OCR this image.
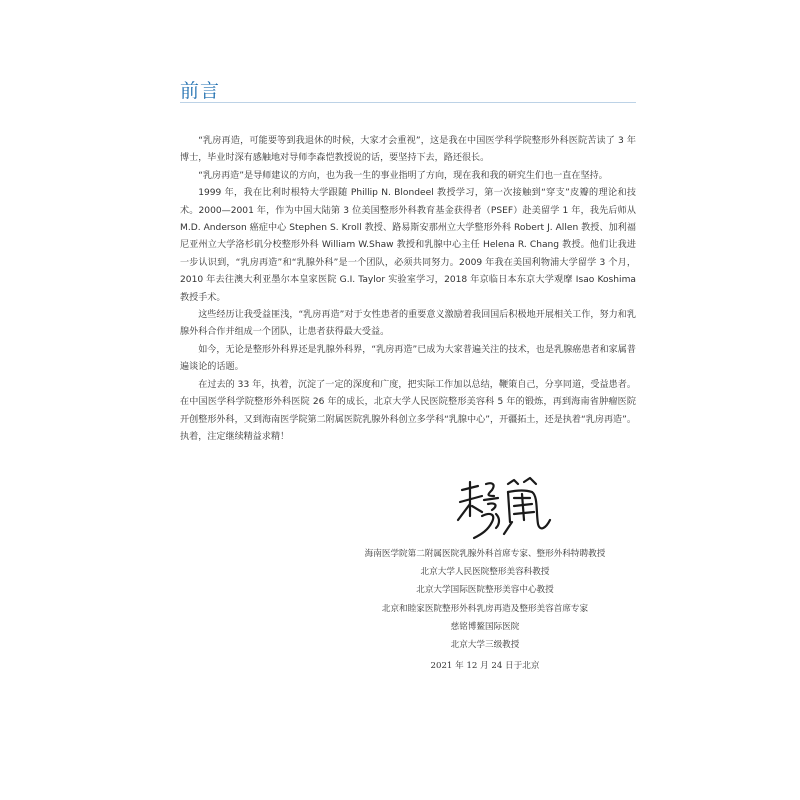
前言

“乳房再造，可能要等到我退休的时候，大家才会重视”，这是我在中国医学科学院整形外科医院苦读了 3 年博士，毕业时深有感触地对导师李森恺教授说的话，要坚持下去，路还很长。

“乳房再造”是导师建议的方向，也为我一生的事业指明了方向，现在我和我的研究生们也一直在坚持。

1999 年，我在比利时根特大学跟随 Phillip N. Blondeel 教授学习，第一次接触到“穿支”皮瓣的理论和技术。2000—2001 年，作为中国大陆第 3 位美国整形外科教育基金获得者（PSEF）赴美留学 1 年，我先后师从 M.D. Anderson 癌症中心 Stephen S. Kroll 教授、路易斯安那州立大学整形外科 Robert J. Allen 教授、加利福尼亚州立大学洛杉矶分校整形外科 William W.Shaw 教授和乳腺中心主任 Helena R. Chang 教授。他们让我进一步认识到，“乳房再造”和“乳腺外科”是一个团队，必须共同努力。2009 年我在美国利物浦大学留学 3 个月，2010 年去往澳大利亚墨尔本皇家医院 G.I. Taylor 实验室学习，2018 年京临日本东京大学观摩 Isao Koshima 教授手术。

这些经历让我受益匪浅，“乳房再造”对于女性患者的重要意义激励着我回国后积极地开展相关工作，努力和乳腺外科合作并组成一个团队，让患者获得最大受益。

如今，无论是整形外科界还是乳腺外科界，“乳房再造”已成为大家普遍关注的技术，也是乳腺癌患者和家属普遍谈论的话题。

在过去的 33 年，执着，沉淀了一定的深度和广度，把实际工作加以总结，鞭策自己，分享同道，受益患者。在中国医学科学院整形外科医院 26 年的成长，北京大学人民医院整形美容科 5 年的锻炼，再到海南省肿瘤医院开创整形外科，又到海南医学院第二附属医院乳腺外科创立多学科“乳腺中心”，开疆拓土，还是执着“乳房再造”。执着，注定继续精益求精！

海南医学院第二附属医院乳腺外科首席专家、整形外科特聘教授
北京大学人民医院整形美容科教授
北京大学国际医院整形美容中心教授
北京和睦家医院整形外科乳房再造及整形美容首席专家
慈铭博鳌国际医院
北京大学三级教授
2021 年 12 月 24 日于北京
